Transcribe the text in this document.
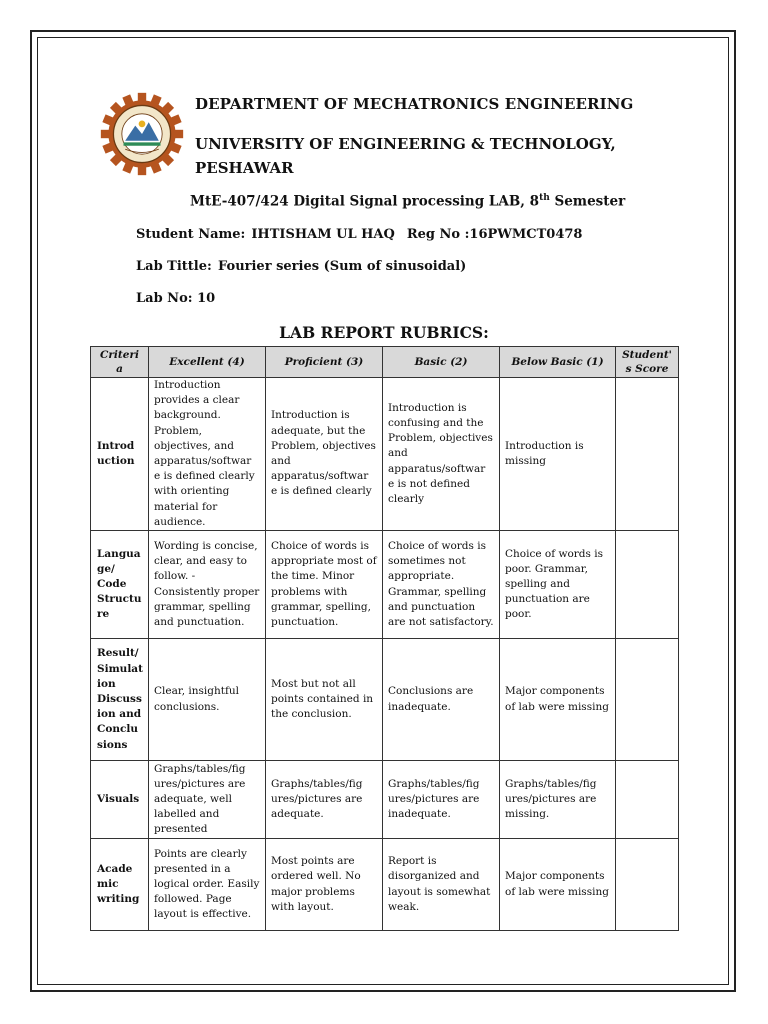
DEPARTMENT OF MECHATRONICS ENGINEERING
UNIVERSITY OF ENGINEERING & TECHNOLOGY,
PESHAWAR
MtE-407/424 Digital Signal processing LAB, 8th Semester
Student Name: IHTISHAM UL HAQ Reg No :16PWMCT0478
Lab Tittle: Fourier series (Sum of sinusoidal)
Lab No: 10
LAB REPORT RUBRICS:
Criteri a	Excellent (4)	Proficient (3)	Basic (2)	Below Basic (1)	Student' s Score
Introd uction	Introduction provides a clear background. Problem, objectives, and apparatus/softwar e is defined clearly with orienting material for audience.	Introduction is adequate, but the Problem, objectives and apparatus/softwar e is defined clearly	Introduction is confusing and the Problem, objectives and apparatus/softwar e is not defined clearly	Introduction is missing	
Langua ge/ Code Structu re	Wording is concise, clear, and easy to follow. - Consistently proper grammar, spelling and punctuation.	Choice of words is appropriate most of the time. Minor problems with grammar, spelling, punctuation.	Choice of words is sometimes not appropriate. Grammar, spelling and punctuation are not satisfactory.	Choice of words is poor. Grammar, spelling and punctuation are poor.	
Result/ Simulat ion Discuss ion and Conclu sions	Clear, insightful conclusions.	Most but not all points contained in the conclusion.	Conclusions are inadequate.	Major components of lab were missing	
Visuals	Graphs/tables/fig ures/pictures are adequate, well labelled and presented	Graphs/tables/fig ures/pictures are adequate.	Graphs/tables/fig ures/pictures are inadequate.	Graphs/tables/fig ures/pictures are missing.	
Acade mic writing	Points are clearly presented in a logical order. Easily followed. Page layout is effective.	Most points are ordered well. No major problems with layout.	Report is disorganized and layout is somewhat weak.	Major components of lab were missing	
